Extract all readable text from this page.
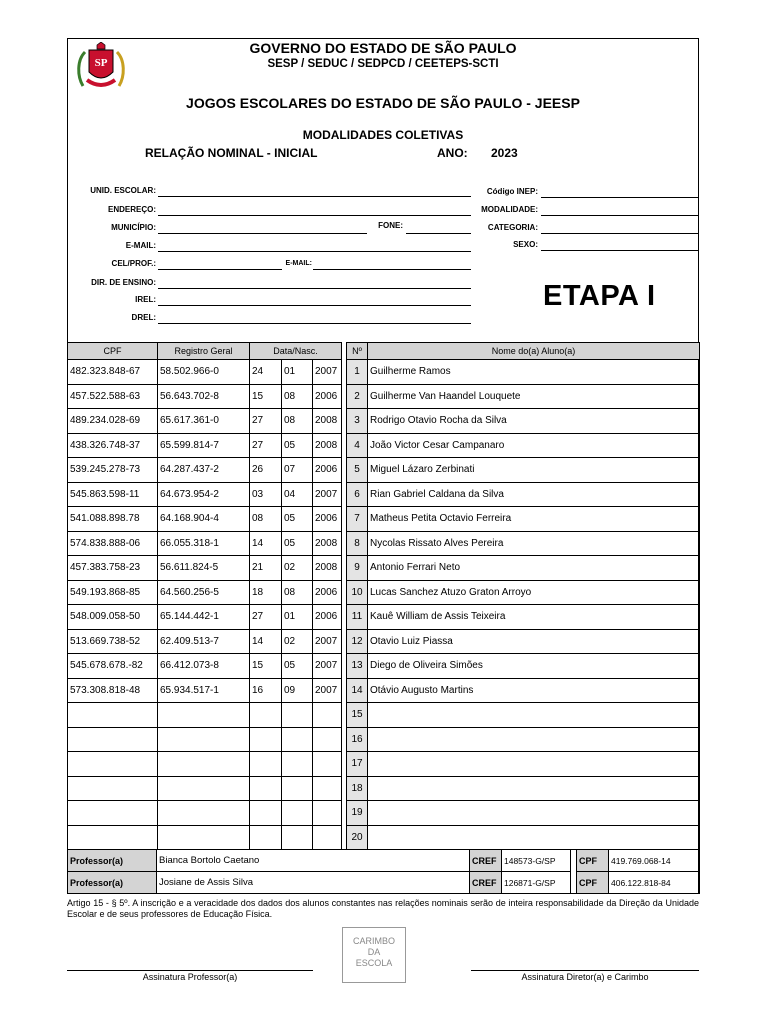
SP
GOVERNO DO ESTADO DE SÃO PAULO
SESP / SEDUC / SEDPCD / CEETEPS-SCTI
JOGOS ESCOLARES DO ESTADO DE SÃO PAULO - JEESP
MODALIDADES COLETIVAS
RELAÇÃO NOMINAL - INICIAL	ANO: 2023
UNID. ESCOLAR:
ENDEREÇO:
MUNICÍPIO:	FONE:
E-MAIL:
CEL/PROF.:	E-MAIL:
DIR. DE ENSINO:
IREL:
DREL:
Código INEP:
MODALIDADE:
CATEGORIA:
SEXO:
ETAPA I
CPF	Registro Geral	Data/Nasc.				Nº	Nome do(a) Aluno(a)
482.323.848-67	58.502.966-0	24	01	2007		1	Guilherme Ramos
457.522.588-63	56.643.702-8	15	08	2006		2	Guilherme Van Haandel Louquete
489.234.028-69	65.617.361-0	27	08	2008		3	Rodrigo Otavio Rocha da Silva
438.326.748-37	65.599.814-7	27	05	2008		4	João Victor Cesar Campanaro
539.245.278-73	64.287.437-2	26	07	2006		5	Miguel Lázaro Zerbinati
545.863.598-11	64.673.954-2	03	04	2007		6	Rian Gabriel Caldana da Silva
541.088.898.78	64.168.904-4	08	05	2006		7	Matheus Petita Octavio Ferreira
574.838.888-06	66.055.318-1	14	05	2008		8	Nycolas Rissato Alves Pereira
457.383.758-23	56.611.824-5	21	02	2008		9	Antonio Ferrari Neto
549.193.868-85	64.560.256-5	18	08	2006		10	Lucas Sanchez Atuzo Graton Arroyo
548.009.058-50	65.144.442-1	27	01	2006		11	Kauê William de Assis Teixeira
513.669.738-52	62.409.513-7	14	02	2007		12	Otavio Luiz Piassa
545.678.678.-82	66.412.073-8	15	05	2007		13	Diego de Oliveira Simões
573.308.818-48	65.934.517-1	16	09	2007		14	Otávio Augusto Martins
						15	
						16	
						17	
						18	
						19	
						20	
Professor(a)	Bianca Bortolo Caetano	CREF	148573-G/SP		CPF	419.769.068-14
Professor(a)	Josiane de Assis Silva	CREF	126871-G/SP		CPF	406.122.818-84
Artigo 15 - § 5º. A inscrição e a veracidade dos dados dos alunos constantes nas relações nominais serão de inteira responsabilidade da Direção da Unidade Escolar e de seus professores de Educação Física.
CARIMBO
DA
ESCOLA
Assinatura Professor(a)	Assinatura Diretor(a) e Carimbo
